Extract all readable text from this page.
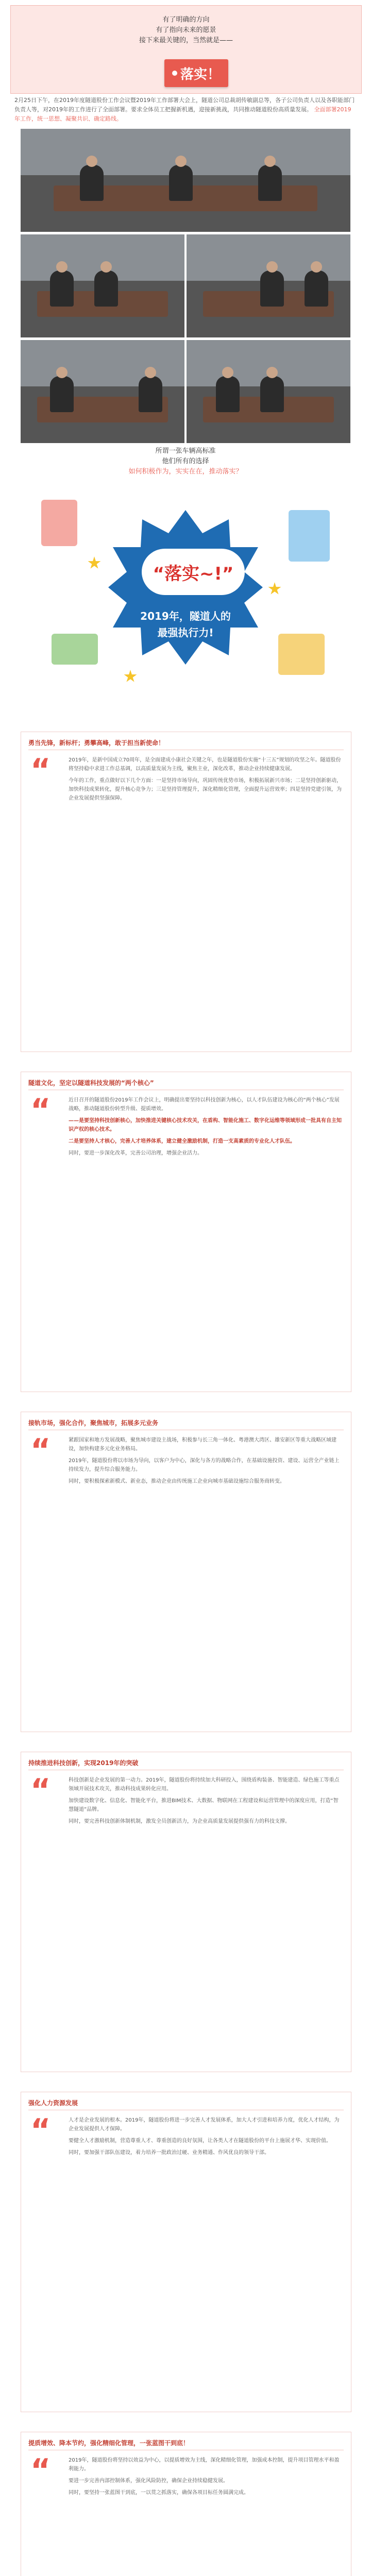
有了明确的方向
有了指向未来的愿景
接下来最关键的，当然就是——
落实！
2月25日下午，在2019年度隧道股份工作会议暨2019年工作部署大会上，隧道公司总裁胡传敏副总等，各子公司负责人以及各职能部门负责人等，对2019年的工作进行了全面部署。要求全体员工把握新机遇，迎接新挑战，共同推动隧道股份高质量发展。 全面部署2019年工作，统一思想、凝聚共识、确定路线。
所谓一张车辆高标准
他们所有的选择
如何积极作为，实实在在，推动落实？
“落实~!”
2019年，隧道人的
最强执行力!
勇当先锋，新标杆；勇攀高峰，敢于担当新使命！
“	2019年，是新中国成立70周年，是全面建成小康社会关键之年，也是隧道股份实施“十三五”规划的攻坚之年。隧道股份将坚持稳中求进工作总基调，以高质量发展为主线，聚焦主业，深化改革，推动企业持续健康发展。

今年的工作，重点做好以下几个方面：一是坚持市场导向，巩固传统优势市场，积极拓展新兴市场；二是坚持创新驱动，加快科技成果转化，提升核心竞争力；三是坚持管理提升，深化精细化管理，全面提升运营效率；四是坚持党建引领，为企业发展提供坚强保障。

隧道文化，坚定以隧道科技发展的“两个核心”
“	近日召开的隧道股份2019年工作会议上，明确提出要坚持以科技创新为核心，以人才队伍建设为核心的“两个核心”发展战略，推动隧道股份转型升级、提质增效。

——是要坚持科技创新核心，加快推进关键核心技术攻关，在盾构、智能化施工、数字化运维等领域形成一批具有自主知识产权的核心技术。

二是要坚持人才核心，完善人才培养体系，建立健全激励机制，打造一支高素质的专业化人才队伍。

同时，要进一步深化改革，完善公司治理，增强企业活力。

接轨市场，强化合作，聚焦城市，拓展多元业务
“	紧跟国家和地方发展战略，聚焦城市建设主战场，积极参与长三角一体化、粤港澳大湾区、雄安新区等重大战略区域建设，加快构建多元化业务格局。

2019年，隧道股份将以市场为导向，以客户为中心，深化与各方的战略合作，在基础设施投资、建设、运营全产业链上持续发力，提升综合服务能力。

同时，要积极探索新模式、新业态，推动企业由传统施工企业向城市基础设施综合服务商转变。

持续推进科技创新，实现2019年的突破
“	科技创新是企业发展的第一动力。2019年，隧道股份将持续加大科研投入，围绕盾构装备、智能建造、绿色施工等重点领域开展技术攻关，推动科技成果转化应用。

加快建设数字化、信息化、智能化平台，推进BIM技术、大数据、物联网在工程建设和运营管理中的深度应用，打造“智慧隧道”品牌。

同时，要完善科技创新体制机制，激发全员创新活力，为企业高质量发展提供强有力的科技支撑。

强化人力资源发展
“	人才是企业发展的根本。2019年，隧道股份将进一步完善人才发展体系，加大人才引进和培养力度，优化人才结构，为企业发展提供人才保障。

要健全人才激励机制，营造尊重人才、尊重创造的良好氛围，让各类人才在隧道股份的平台上施展才华、实现价值。

同时，要加强干部队伍建设，着力培养一批政治过硬、业务精通、作风优良的领导干部。

提质增效、降本节约，强化精细化管理，一张蓝图干到底！
“	2019年，隧道股份将坚持以效益为中心，以提质增效为主线，深化精细化管理，加强成本控制，提升项目管理水平和盈利能力。

要进一步完善内部控制体系，强化风险防控，确保企业持续稳健发展。

同时，要坚持一张蓝图干到底，一以贯之抓落实，确保各项目标任务圆满完成。
